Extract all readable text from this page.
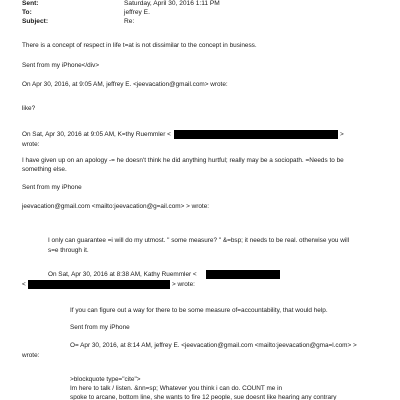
Sent:	Saturday, April 30, 2016 1:11 PM
To:	jeffrey E.
Subject:	Re:

There is a concept of respect in life t=at is not dissimilar to the concept in business.

Sent from my iPhone</div>

On Apr 30, 2016, at 9:05 AM, jeffrey E. <jeevacation@gmail.com> wrote:

like?

On Sat, Apr 30, 2016 at 9:05 AM, K=thy Ruemmler <	>

wrote:

I have given up on an apology -= he doesn't think he did anything hurtful; really may be a sociopath. =Needs to be

something else.

Sent from my iPhone

jeevacation@gmail.com <mailto:jeevacation@g=ail.com> > wrote:

I only can guarantee =i will do my utmost. " some measure? " &=bsp; it needs to be real. otherwise you will

s=e through it.

On Sat, Apr 30, 2016 at 8:38 AM, Kathy Ruemmler <

<	> wrote:

If you can figure out a way for there to be some measure of=accountability, that would help.

Sent from my iPhone

O= Apr 30, 2016, at 8:14 AM, jeffrey E. <jeevacation@gmail.com <mailto:jeevacation@gma=l.com> >

wrote:

>blockquote type="cite">

Im here to talk / listen. &nn=sp; Whatever you think i can do. COUNT me in

spoke to arcane, bottom line, she wants to fire 12 people, sue doesnt like hearing any contrary
